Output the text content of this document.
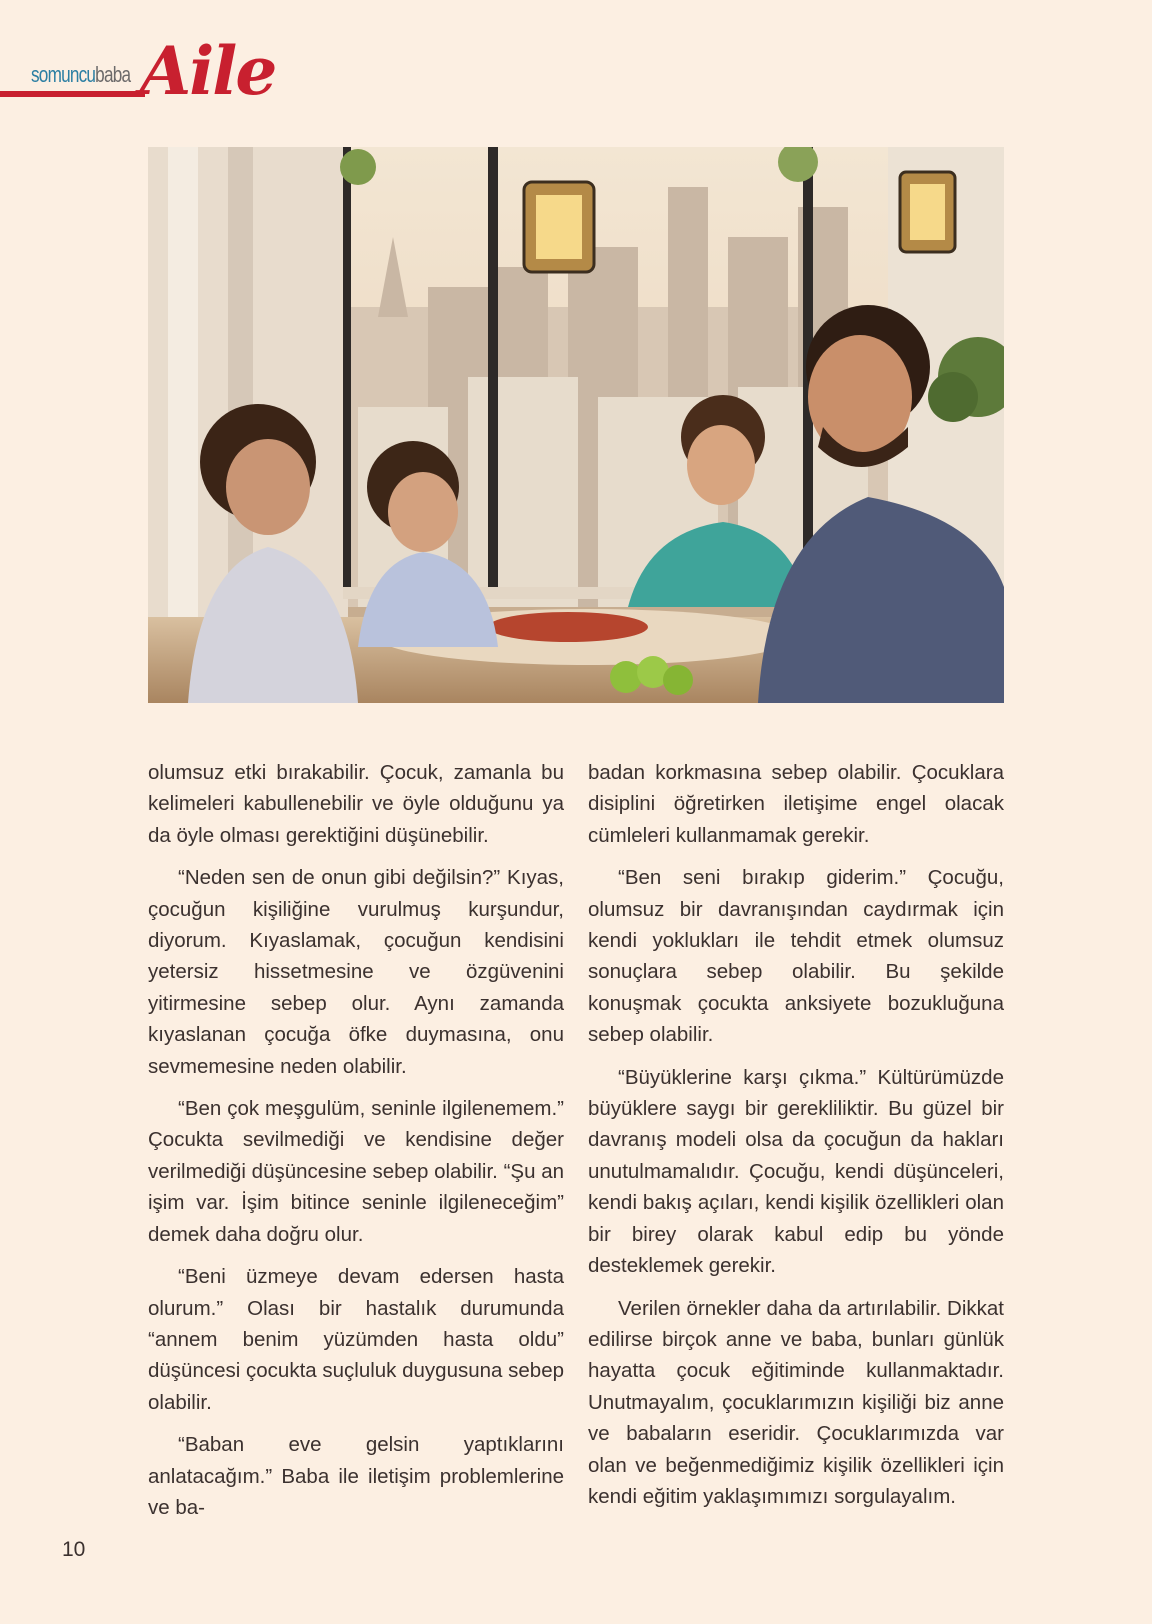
somuncubaba Aile

olumsuz etki bırakabilir. Çocuk, zamanla bu kelimeleri kabullenebilir ve öyle olduğunu ya da öyle olması gerektiğini düşünebilir.

“Neden sen de onun gibi değilsin?” Kıyas, çocuğun kişiliğine vurulmuş kurşundur, diyorum. Kıyaslamak, çocuğun kendisini yetersiz hissetmesine ve özgüvenini yitirmesine sebep olur. Aynı zamanda kıyaslanan çocuğa öfke duymasına, onu sevmemesine neden olabilir.

“Ben çok meşgulüm, seninle ilgilenemem.” Çocukta sevilmediği ve kendisine değer verilmediği düşüncesine sebep olabilir. “Şu an işim var. İşim bitince seninle ilgileneceğim” demek daha doğru olur.

“Beni üzmeye devam edersen hasta olurum.” Olası bir hastalık durumunda “annem benim yüzümden hasta oldu” düşüncesi çocukta suçluluk duygusuna sebep olabilir.

“Baban eve gelsin yaptıklarını anlatacağım.” Baba ile iletişim problemlerine ve ba-

badan korkmasına sebep olabilir. Çocuklara disiplini öğretirken iletişime engel olacak cümleleri kullanmamak gerekir.

“Ben seni bırakıp giderim.” Çocuğu, olumsuz bir davranışından caydırmak için kendi yoklukları ile tehdit etmek olumsuz sonuçlara sebep olabilir. Bu şekilde konuşmak çocukta anksiyete bozukluğuna sebep olabilir.

“Büyüklerine karşı çıkma.” Kültürümüzde büyüklere saygı bir gerekliliktir. Bu güzel bir davranış modeli olsa da çocuğun da hakları unutulmamalıdır. Çocuğu, kendi düşünceleri, kendi bakış açıları, kendi kişilik özellikleri olan bir birey olarak kabul edip bu yönde desteklemek gerekir.

Verilen örnekler daha da artırılabilir. Dikkat edilirse birçok anne ve baba, bunları günlük hayatta çocuk eğitiminde kullanmaktadır. Unutmayalım, çocuklarımızın kişiliği biz anne ve babaların eseridir. Çocuklarımızda var olan ve beğenmediğimiz kişilik özellikleri için kendi eğitim yaklaşımımızı sorgulayalım.

10
